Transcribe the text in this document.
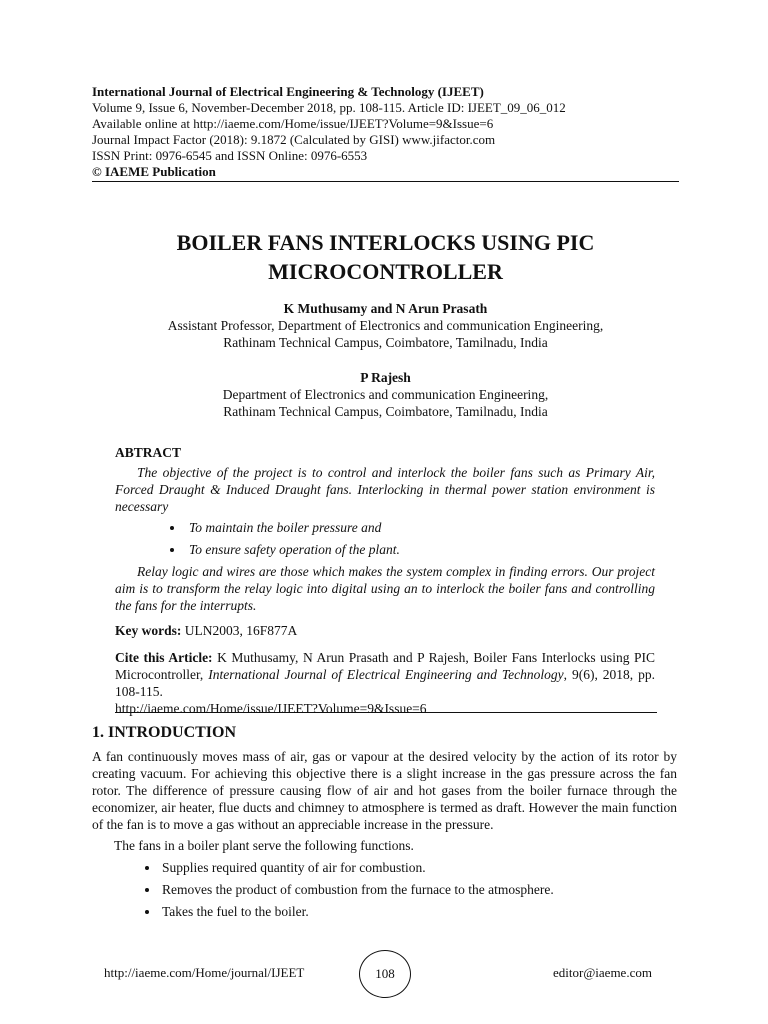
International Journal of Electrical Engineering & Technology (IJEET)
Volume 9, Issue 6, November-December 2018, pp. 108-115. Article ID: IJEET_09_06_012
Available online at http://iaeme.com/Home/issue/IJEET?Volume=9&Issue=6
Journal Impact Factor (2018): 9.1872 (Calculated by GISI) www.jifactor.com
ISSN Print: 0976-6545 and ISSN Online: 0976-6553
© IAEME Publication
BOILER FANS INTERLOCKS USING PIC
MICROCONTROLLER
K Muthusamy and N Arun Prasath
Assistant Professor, Department of Electronics and communication Engineering,
Rathinam Technical Campus, Coimbatore, Tamilnadu, India
P Rajesh
Department of Electronics and communication Engineering,
Rathinam Technical Campus, Coimbatore, Tamilnadu, India
ABTRACT

The objective of the project is to control and interlock the boiler fans such as Primary Air, Forced Draught & Induced Draught fans. Interlocking in thermal power station environment is necessary

• To maintain the boiler pressure and
• To ensure safety operation of the plant.

Relay logic and wires are those which makes the system complex in finding errors. Our project aim is to transform the relay logic into digital using an to interlock the boiler fans and controlling the fans for the interrupts.

Key words: ULN2003, 16F877A
Cite this Article: K Muthusamy, N Arun Prasath and P Rajesh, Boiler Fans Interlocks using PIC Microcontroller, International Journal of Electrical Engineering and Technology, 9(6), 2018, pp. 108-115.

http://iaeme.com/Home/issue/IJEET?Volume=9&Issue=6

1. INTRODUCTION

A fan continuously moves mass of air, gas or vapour at the desired velocity by the action of its rotor by creating vacuum. For achieving this objective there is a slight increase in the gas pressure across the fan rotor. The difference of pressure causing flow of air and hot gases from the boiler furnace through the economizer, air heater, flue ducts and chimney to atmosphere is termed as draft. However the main function of the fan is to move a gas without an appreciable increase in the pressure.

The fans in a boiler plant serve the following functions.

• Supplies required quantity of air for combustion.
• Removes the product of combustion from the furnace to the atmosphere.
• Takes the fuel to the boiler.
http://iaeme.com/Home/journal/IJEET	108	editor@iaeme.com
